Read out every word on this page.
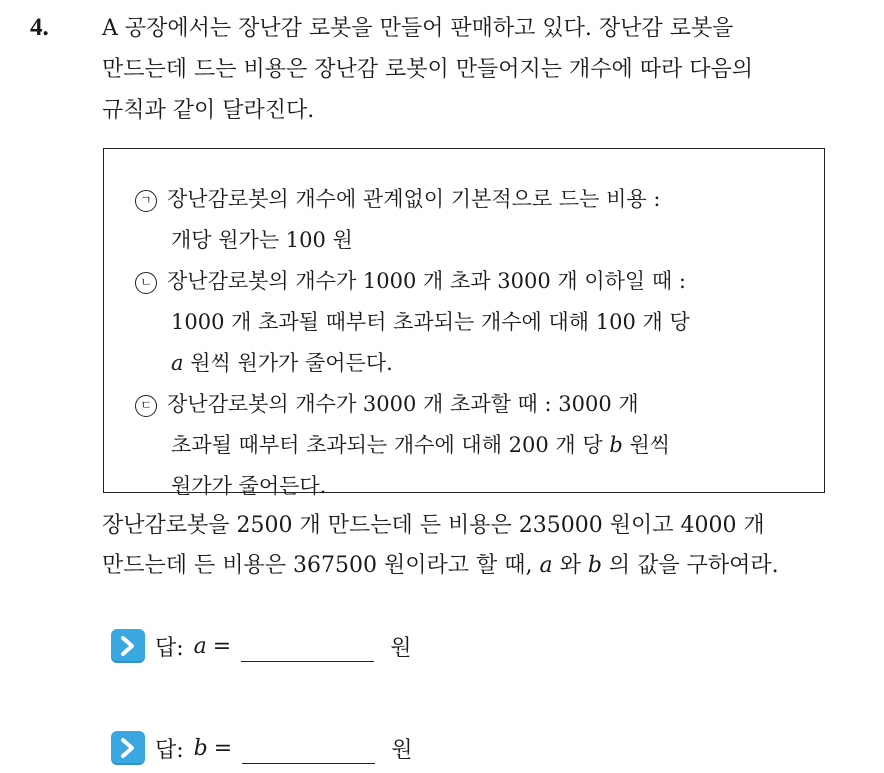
4. A 공장에서는 장난감 로봇을 만들어 판매하고 있다. 장난감 로봇을
만드는데 드는 비용은 장난감 로봇이 만들어지는 개수에 따라 다음의
규칙과 같이 달라진다.
ㄱ 장난감로봇의 개수에 관계없이 기본적으로 드는 비용 :
개당 원가는 100 원
ㄴ 장난감로봇의 개수가 1000 개 초과 3000 개 이하일 때 :
1000 개 초과될 때부터 초과되는 개수에 대해 100 개 당
a 원씩 원가가 줄어든다.
ㄷ 장난감로봇의 개수가 3000 개 초과할 때 : 3000 개
초과될 때부터 초과되는 개수에 대해 200 개 당 b 원씩
원가가 줄어든다.
장난감로봇을 2500 개 만드는데 든 비용은 235000 원이고 4000 개
만드는데 든 비용은 367500 원이라고 할 때, a 와 b 의 값을 구하여라.
답: a =	원
답: b =	원
